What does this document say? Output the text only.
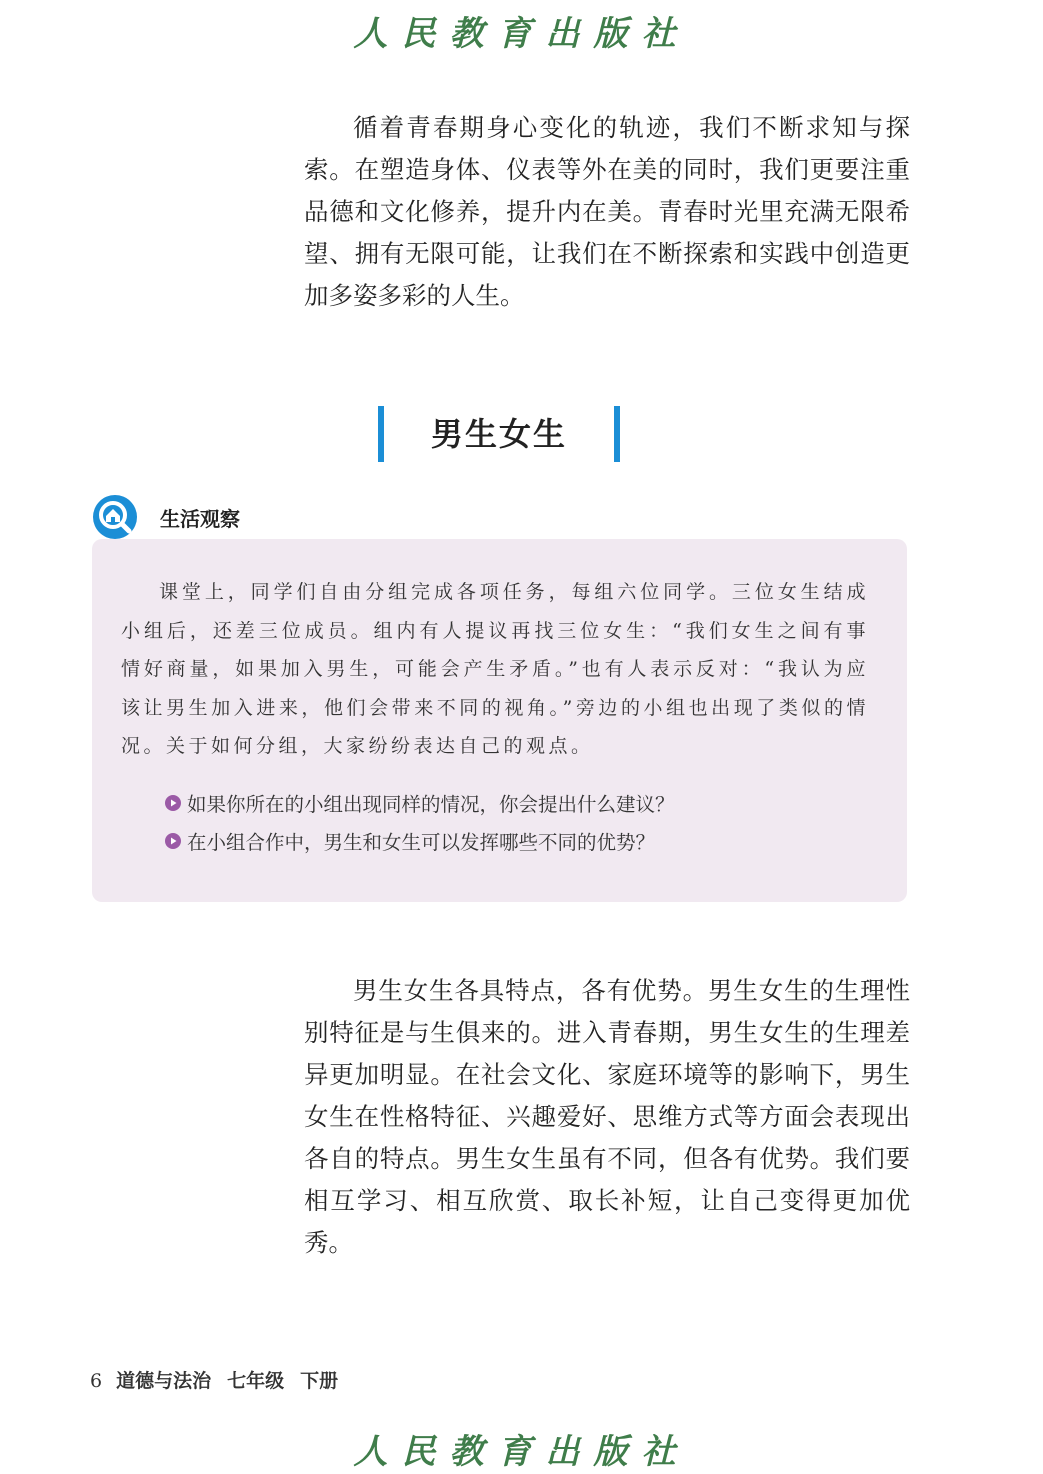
人民教育出版社

循着青春期身心变化的轨迹，我们不断求知与探索。在塑造身体、仪表等外在美的同时，我们更要注重品德和文化修养，提升内在美。青春时光里充满无限希望、拥有无限可能，让我们在不断探索和实践中创造更加多姿多彩的人生。

男生女生
生活观察

课堂上，同学们自由分组完成各项任务，每组六位同学。三位女生结成小组后，还差三位成员。组内有人提议再找三位女生：“我们女生之间有事情好商量，如果加入男生，可能会产生矛盾。”也有人表示反对：“我认为应该让男生加入进来，他们会带来不同的视角。”旁边的小组也出现了类似的情况。关于如何分组，大家纷纷表达自己的观点。

如果你所在的小组出现同样的情况，你会提出什么建议？
在小组合作中，男生和女生可以发挥哪些不同的优势？

男生女生各具特点，各有优势。男生女生的生理性别特征是与生俱来的。进入青春期，男生女生的生理差异更加明显。在社会文化、家庭环境等的影响下，男生女生在性格特征、兴趣爱好、思维方式等方面会表现出各自的特点。男生女生虽有不同，但各有优势。我们要相互学习、相互欣赏、取长补短，让自己变得更加优秀。

6 道德与法治 七年级 下册
人民教育出版社
